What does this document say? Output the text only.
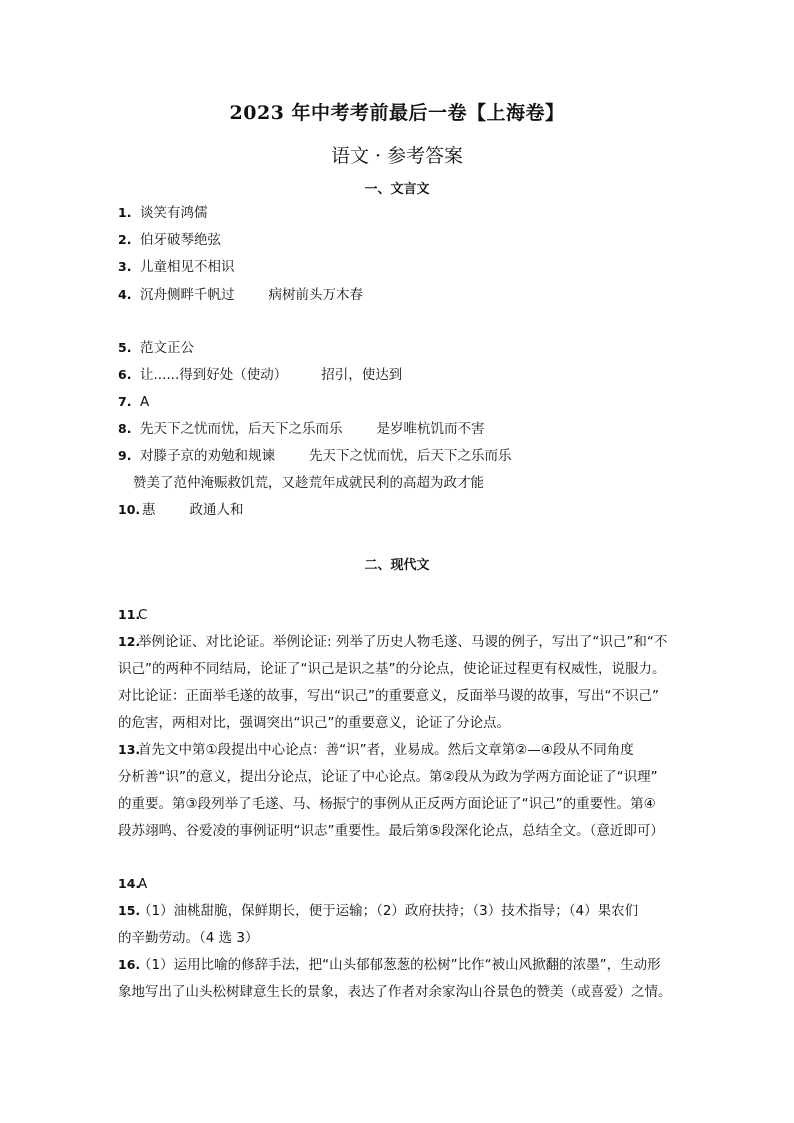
2023 年中考考前最后一卷【上海卷】
语文 · 参考答案
一、文言文
1. 谈笑有鸿儒
2. 伯牙破琴绝弦
3. 儿童相见不相识
4. 沉舟侧畔千帆过	病树前头万木春
5. 范文正公
6. 让......得到好处（使动）	招引，使达到
7. A
8. 先天下之忧而忧，后天下之乐而乐	是岁唯杭饥而不害
9. 对滕子京的劝勉和规谏	先天下之忧而忧，后天下之乐而乐
赞美了范仲淹赈救饥荒，又趁荒年成就民利的高超为政才能
10. 惠	政通人和
二、现代文
11.C
12.举例论证、对比论证。举例论证: 列举了历史人物毛遂、马谡的例子，写出了“识己”和“不
识己”的两种不同结局，论证了“识己是识之基”的分论点，使论证过程更有权威性，说服力。
对比论证：正面举毛遂的故事，写出“识己”的重要意义，反面举马谡的故事，写出“不识己”
的危害，两相对比，强调突出“识己”的重要意义，论证了分论点。
13.首先文中第①段提出中心论点：善“识”者，业易成。然后文章第②—④段从不同角度
分析善“识”的意义，提出分论点，论证了中心论点。第②段从为政为学两方面论证了“识理”
的重要。第③段列举了毛遂、马、杨振宁的事例从正反两方面论证了“识己”的重要性。第④
段苏翊鸣、谷爱凌的事例证明“识志”重要性。最后第⑤段深化论点，总结全文。（意近即可）
14.A
15.（1）油桃甜脆，保鲜期长，便于运输；（2）政府扶持；（3）技术指导；（4）果农们
的辛勤劳动。（4 选 3）
16.（1）运用比喻的修辞手法，把“山头郁郁葱葱的松树”比作“被山风掀翻的浓墨”，生动形
象地写出了山头松树肆意生长的景象，表达了作者对余家沟山谷景色的赞美（或喜爱）之情。
